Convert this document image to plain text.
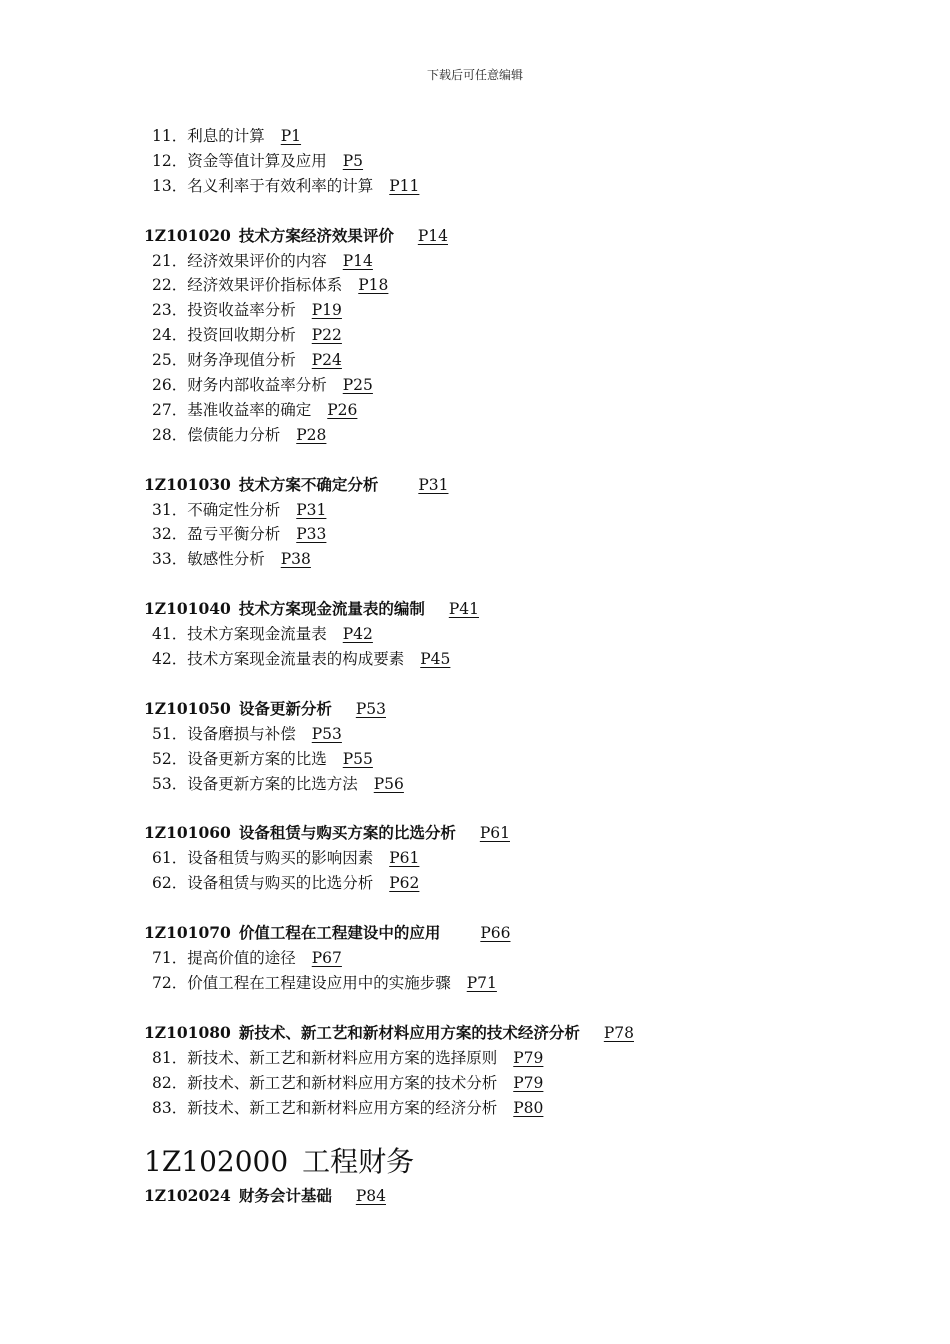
下载后可任意编辑
11．利息的计算 P1
12．资金等值计算及应用 P5
13．名义利率于有效利率的计算 P11
1Z101020 技术方案经济效果评价 P14
21．经济效果评价的内容 P14
22．经济效果评价指标体系 P18
23．投资收益率分析 P19
24．投资回收期分析 P22
25．财务净现值分析 P24
26．财务内部收益率分析 P25
27．基准收益率的确定 P26
28．偿债能力分析 P28
1Z101030 技术方案不确定分析	P31
31．不确定性分析 P31
32．盈亏平衡分析 P33
33．敏感性分析 P38
1Z101040 技术方案现金流量表的编制 P41
41．技术方案现金流量表 P42
42．技术方案现金流量表的构成要素 P45
1Z101050 设备更新分析 P53
51．设备磨损与补偿 P53
52．设备更新方案的比选 P55
53．设备更新方案的比选方法 P56
1Z101060 设备租赁与购买方案的比选分析 P61
61．设备租赁与购买的影响因素 P61
62．设备租赁与购买的比选分析 P62
1Z101070 价值工程在工程建设中的应用	P66
71．提高价值的途径 P67
72．价值工程在工程建设应用中的实施步骤 P71
1Z101080 新技术、新工艺和新材料应用方案的技术经济分析 P78
81．新技术、新工艺和新材料应用方案的选择原则 P79
82．新技术、新工艺和新材料应用方案的技术分析 P79
83．新技术、新工艺和新材料应用方案的经济分析 P80
1Z102000 工程财务
1Z102024 财务会计基础 P84
